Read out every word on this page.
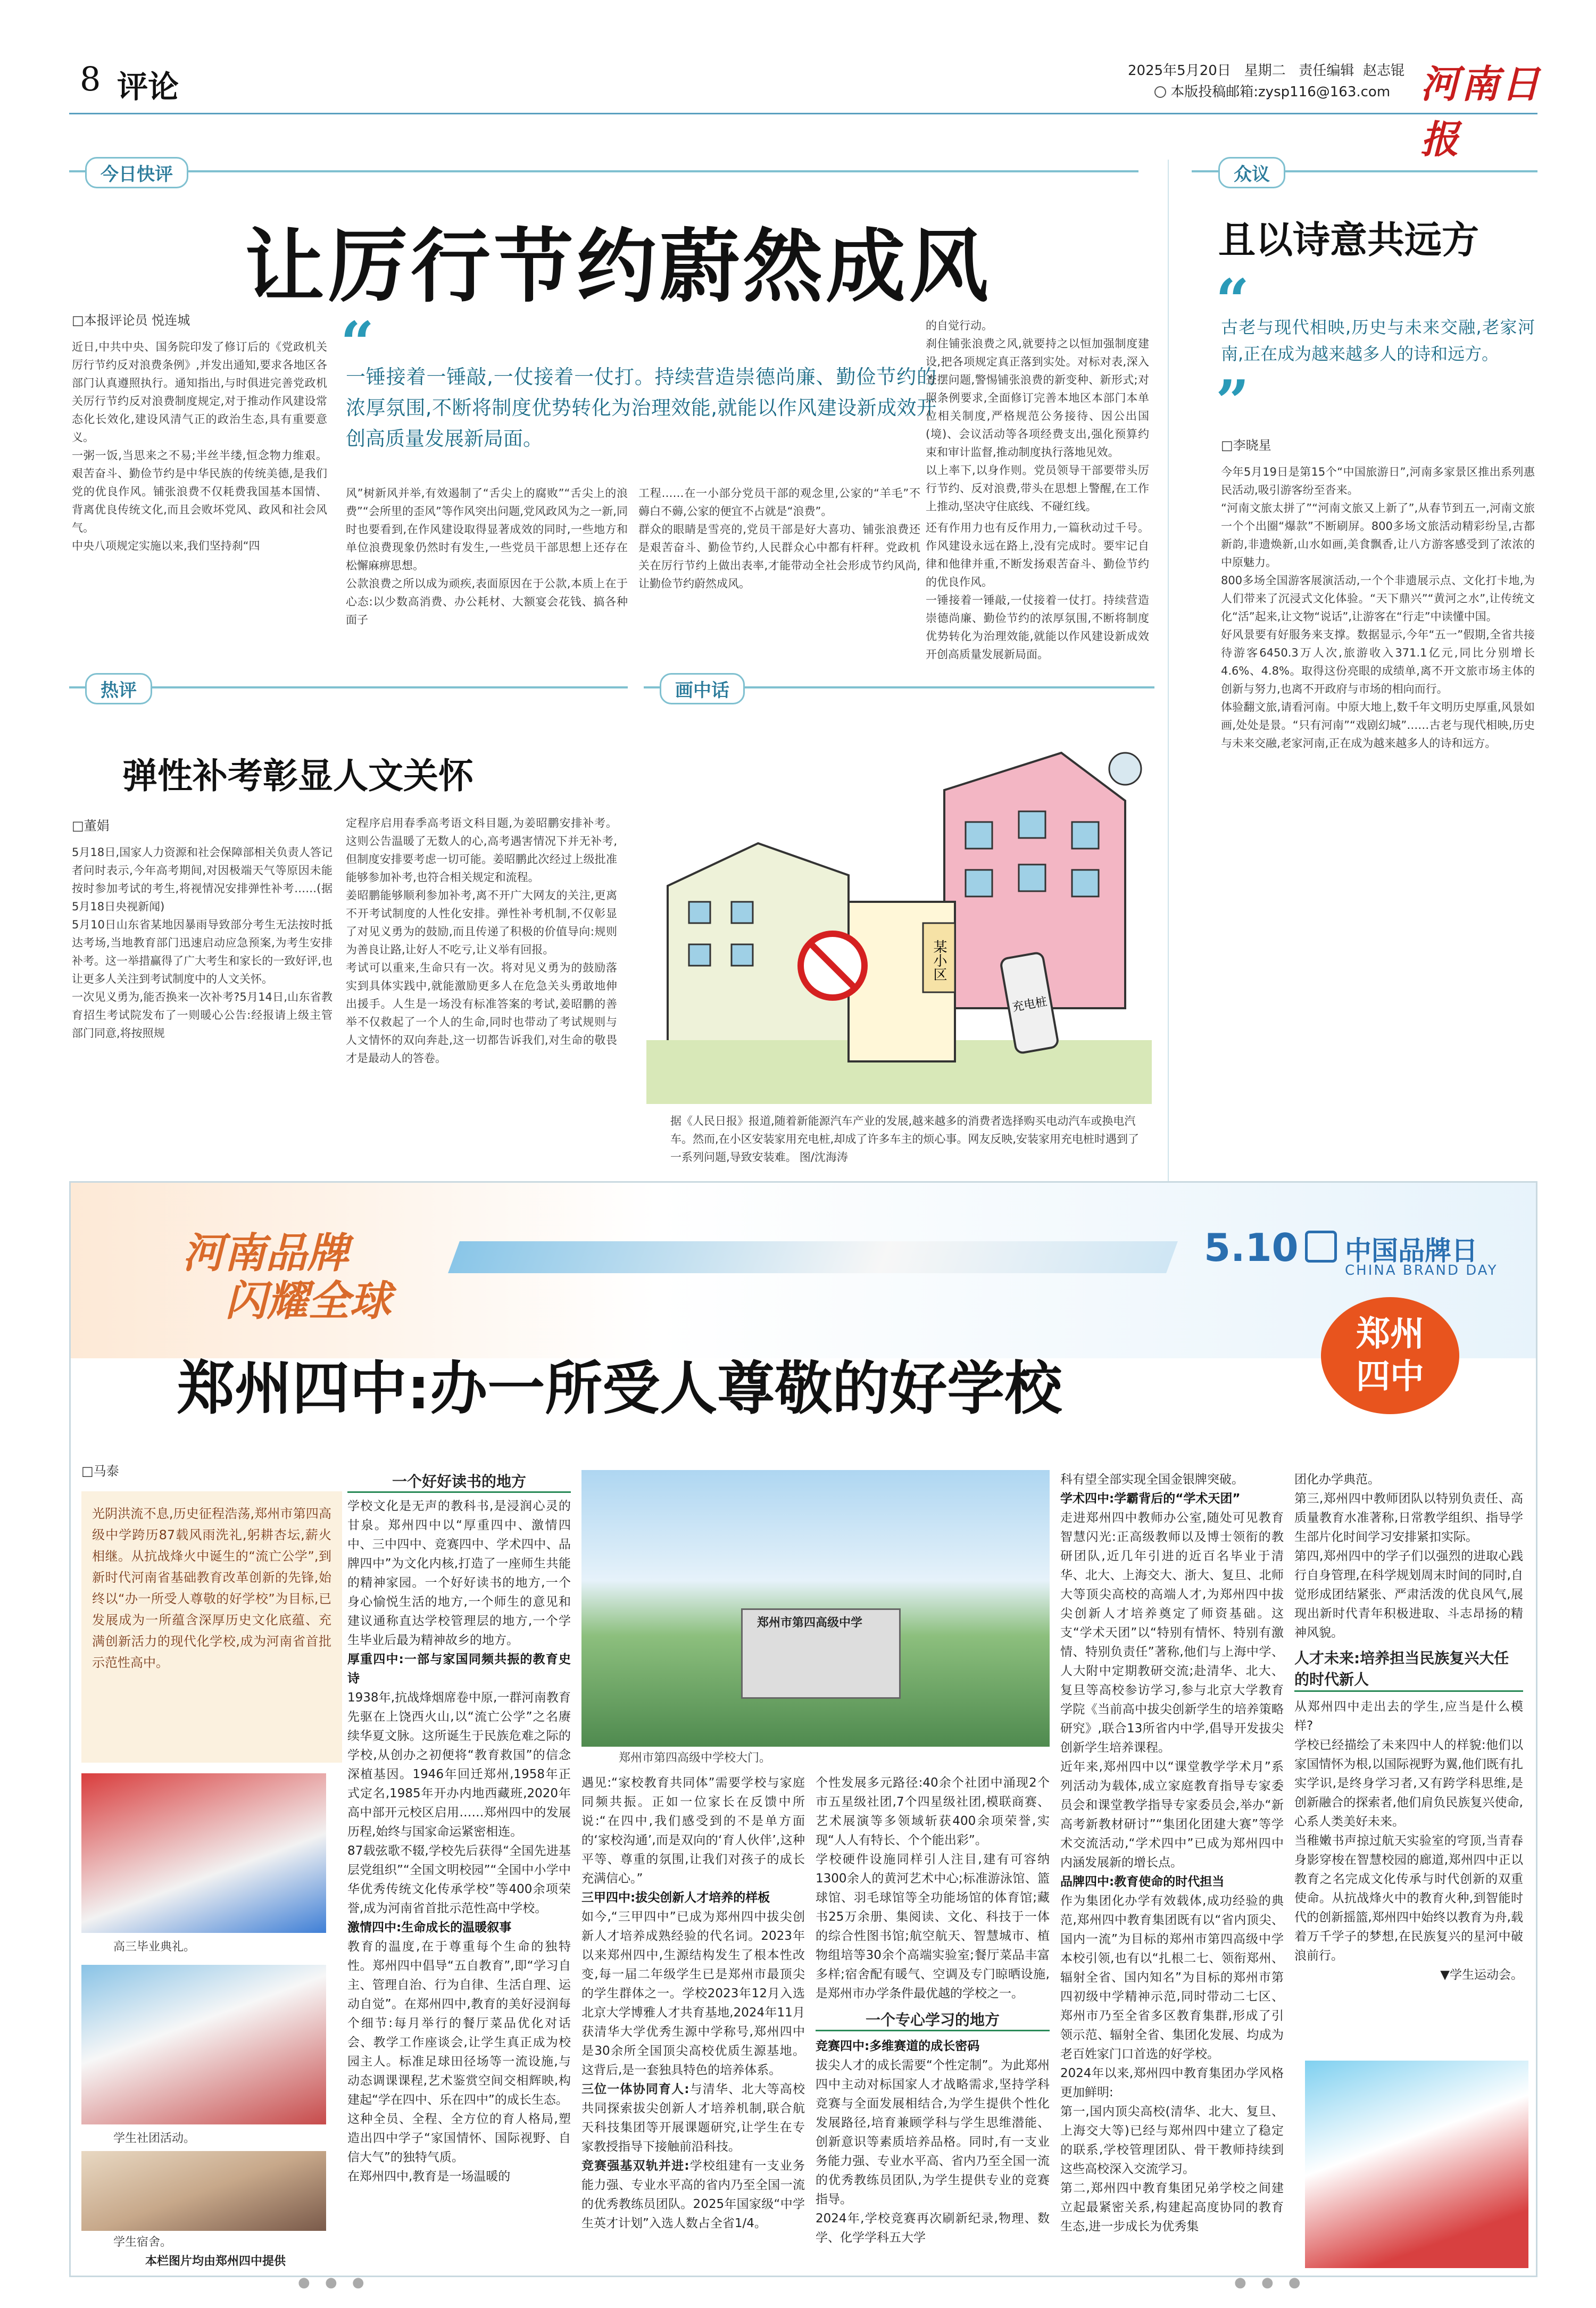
8 评论	2025年5月20日 星期二 责任编辑 赵志锟
本版投稿邮箱:zysp116@163.com 河南日报
今日快评
让厉行节约蔚然成风
□本报评论员 悦连城

近日,中共中央、国务院印发了修订后的《党政机关厉行节约反对浪费条例》,并发出通知,要求各地区各部门认真遵照执行。通知指出,与时俱进完善党政机关厉行节约反对浪费制度规定,对于推动作风建设常态化长效化,建设风清气正的政治生态,具有重要意义。
一粥一饭,当思来之不易;半丝半缕,恒念物力维艰。艰苦奋斗、勤俭节约是中华民族的传统美德,是我们党的优良作风。铺张浪费不仅耗费我国基本国情、背离优良传统文化,而且会败坏党风、政风和社会风气。
中央八项规定实施以来,我们坚持刹“四

“
一锤接着一锤敲,一仗接着一仗打。持续营造崇德尚廉、勤俭节约的浓厚氛围,不断将制度优势转化为治理效能,就能以作风建设新成效开创高质量发展新局面。

风”树新风并举,有效遏制了“舌尖上的腐败”“舌尖上的浪费”“会所里的歪风”等作风突出问题,党风政风为之一新,同时也要看到,在作风建设取得显著成效的同时,一些地方和单位浪费现象仍然时有发生,一些党员干部思想上还存在松懈麻痹思想。
公款浪费之所以成为顽疾,表面原因在于公款,本质上在于心态:以少数高消费、办公耗材、大额宴会花钱、搞各种面子

工程……在一小部分党员干部的观念里,公家的“羊毛”不薅白不薅,公家的便宜不占就是“浪费”。
群众的眼睛是雪亮的,党员干部是好大喜功、铺张浪费还是艰苦奋斗、勤俭节约,人民群众心中都有杆秤。党政机关在厉行节约上做出表率,才能带动全社会形成节约风尚,让勤俭节约蔚然成风。

的自觉行动。
刹住铺张浪费之风,就要持之以恒加强制度建设,把各项规定真正落到实处。对标对表,深入查摆问题,警惕铺张浪费的新变种、新形式;对照条例要求,全面修订完善本地区本部门本单位相关制度,严格规范公务接待、因公出国(境)、会议活动等各项经费支出,强化预算约束和审计监督,推动制度执行落地见效。
以上率下,以身作则。党员领导干部要带头厉行节约、反对浪费,带头在思想上警醒,在工作上推动,坚决守住底线、不碰红线。

还有作用力也有反作用力,一篇秋动过千号。作风建设永远在路上,没有完成时。要牢记自律和他律并重,不断发扬艰苦奋斗、勤俭节约的优良作风。
一锤接着一锤敲,一仗接着一仗打。持续营造崇德尚廉、勤俭节约的浓厚氛围,不断将制度优势转化为治理效能,就能以作风建设新成效开创高质量发展新局面。

众议
且以诗意共远方
“
古老与现代相映,历史与未来交融,老家河南,正在成为越来越多人的诗和远方。
”
□李晓星

今年5月19日是第15个“中国旅游日”,河南多家景区推出系列惠民活动,吸引游客纷至沓来。
“河南文旅太拼了”“河南文旅又上新了”,从春节到五一,河南文旅一个个出圈“爆款”不断刷屏。800多场文旅活动精彩纷呈,古都新韵,非遗焕新,山水如画,美食飘香,让八方游客感受到了浓浓的中原魅力。
800多场全国游客展演活动,一个个非遗展示点、文化打卡地,为人们带来了沉浸式文化体验。“天下鼎兴”“黄河之水”,让传统文化“活”起来,让文物“说话”,让游客在“行走”中读懂中国。
好风景要有好服务来支撑。数据显示,今年“五一”假期,全省共接待游客6450.3万人次,旅游收入371.1亿元,同比分别增长4.6%、4.8%。取得这份亮眼的成绩单,离不开文旅市场主体的创新与努力,也离不开政府与市场的相向而行。
体验翻文旅,请看河南。中原大地上,数千年文明历史厚重,风景如画,处处是景。“只有河南”“戏剧幻城”……古老与现代相映,历史与未来交融,老家河南,正在成为越来越多人的诗和远方。

热评
弹性补考彰显人文关怀
□董娟

5月18日,国家人力资源和社会保障部相关负责人答记者问时表示,今年高考期间,对因极端天气等原因未能按时参加考试的考生,将视情况安排弹性补考……(据5月18日央视新闻)
5月10日山东省某地因暴雨导致部分考生无法按时抵达考场,当地教育部门迅速启动应急预案,为考生安排补考。这一举措赢得了广大考生和家长的一致好评,也让更多人关注到考试制度中的人文关怀。
一次见义勇为,能否换来一次补考?5月14日,山东省教育招生考试院发布了一则暖心公告:经报请上级主管部门同意,将按照规

定程序启用春季高考语文科目题,为姜昭鹏安排补考。这则公告温暖了无数人的心,高考遇害情况下并无补考,但制度安排要考虑一切可能。姜昭鹏此次经过上级批准能够参加补考,也符合相关规定和流程。
姜昭鹏能够顺利参加补考,离不开广大网友的关注,更离不开考试制度的人性化安排。弹性补考机制,不仅彰显了对见义勇为的鼓励,而且传递了积极的价值导向:规则为善良让路,让好人不吃亏,让义举有回报。
考试可以重来,生命只有一次。将对见义勇为的鼓励落实到具体实践中,就能激励更多人在危急关头勇敢地伸出援手。人生是一场没有标准答案的考试,姜昭鹏的善举不仅救起了一个人的生命,同时也带动了考试规则与人文情怀的双向奔赴,这一切都告诉我们,对生命的敬畏才是最动人的答卷。

画中话
某小区
充电桩
据《人民日报》报道,随着新能源汽车产业的发展,越来越多的消费者选择购买电动汽车或换电汽车。然而,在小区安装家用充电桩,却成了许多车主的烦心事。网友反映,安装家用充电桩时遇到了一系列问题,导致安装难。 图/沈海涛
河南品牌
闪耀全球
5.10 中国品牌日
CHINA BRAND DAY
郑州
四中
郑州四中:办一所受人尊敬的好学校
□马泰

光阴洪流不息,历史征程浩荡,郑州市第四高级中学跨历87载风雨洗礼,躬耕杏坛,薪火相继。从抗战烽火中诞生的“流亡公学”,到新时代河南省基础教育改革创新的先锋,始终以“办一所受人尊敬的好学校”为目标,已发展成为一所蕴含深厚历史文化底蕴、充满创新活力的现代化学校,成为河南省首批示范性高中。

高三毕业典礼。
学生社团活动。
学生宿舍。
本栏图片均由郑州四中提供
一个好好读书的地方

学校文化是无声的教科书,是浸润心灵的甘泉。郑州四中以“厚重四中、激情四中、三中四中、竞赛四中、学术四中、品牌四中”为文化内核,打造了一座师生共能的精神家园。一个好好读书的地方,一个身心愉悦生活的地方,一个师生的意见和建议通称直达学校管理层的地方,一个学生毕业后最为精神故乡的地方。

厚重四中:一部与家国同频共振的教育史诗

1938年,抗战烽烟席卷中原,一群河南教育先驱在上饶西火山,以“流亡公学”之名赓续华夏文脉。这所诞生于民族危难之际的学校,从创办之初便将“教育救国”的信念深植基因。1946年回迁郑州,1958年正式定名,1985年开办内地西藏班,2020年高中部开元校区启用……郑州四中的发展历程,始终与国家命运紧密相连。

87载弦歌不辍,学校先后获得“全国先进基层党组织”“全国文明校园”“全国中小学中华优秀传统文化传承学校”等400余项荣誉,成为河南省首批示范性高中学校。

激情四中:生命成长的温暖叙事

教育的温度,在于尊重每个生命的独特性。郑州四中倡导“五自教育”,即“学习自主、管理自治、行为自律、生活自理、运动自觉”。在郑州四中,教育的美好浸润每个细节:每月举行的餐厅菜品优化对话会、教学工作座谈会,让学生真正成为校园主人。标准足球田径场等一流设施,与动态调课课程,艺术鉴赏空间交相辉映,构建起“学在四中、乐在四中”的成长生态。
这种全员、全程、全方位的育人格局,塑造出四中学子“家国情怀、国际视野、自信大气”的独特气质。
在郑州四中,教育是一场温暖的

郑州市第四高级中学
郑州市第四高级中学校大门。

遇见:“家校教育共同体”需要学校与家庭同频共振。正如一位家长在反馈中所说:“在四中,我们感受到的不是单方面的‘家校沟通’,而是双向的‘育人伙伴’,这种平等、尊重的氛围,让我们对孩子的成长充满信心。”

三甲四中:拔尖创新人才培养的样板

如今,“三甲四中”已成为郑州四中拔尖创新人才培养成熟经验的代名词。2023年以来郑州四中,生源结构发生了根本性改变,每一届二年级学生已是郑州市最顶尖的学生群体之一。学校2023年12月入选北京大学博雅人才共育基地,2024年11月获清华大学优秀生源中学称号,郑州四中是30余所全国顶尖高校优质生源基地。这背后,是一套独具特色的培养体系。

三位一体协同育人:与清华、北大等高校共同探索拔尖创新人才培养机制,联合航天科技集团等开展课题研究,让学生在专家教授指导下接触前沿科技。

竞赛强基双轨并进:学校组建有一支业务能力强、专业水平高的省内乃至全国一流的优秀教练员团队。2025年国家级“中学生英才计划”入选人数占全省1/4。

个性发展多元路径:40余个社团中涌现2个市五星级社团,7个四星级社团,模联商赛、艺术展演等多领域斩获400余项荣誉,实现“人人有特长、个个能出彩”。
学校硬件设施同样引人注目,建有可容纳1300余人的黄河艺术中心;标准游泳馆、篮球馆、羽毛球馆等全功能场馆的体育馆;藏书25万余册、集阅读、文化、科技于一体的综合性图书馆;航空航天、智慧城市、植物组培等30余个高端实验室;餐厅菜品丰富多样;宿舍配有暖气、空调及专门晾晒设施,是郑州市办学条件最优越的学校之一。

一个专心学习的地方

竞赛四中:多维赛道的成长密码

拔尖人才的成长需要“个性定制”。为此郑州四中主动对标国家人才战略需求,坚持学科竞赛与全面发展相结合,为学生提供个性化发展路径,培育兼顾学科与学生思维潜能、创新意识等素质培养品格。同时,有一支业务能力强、专业水平高、省内乃至全国一流的优秀教练员团队,为学生提供专业的竞赛指导。
2024年,学校竞赛再次刷新纪录,物理、数学、化学学科五大学

科有望全部实现全国金银牌突破。

学术四中:学霸背后的“学术天团”

走进郑州四中教师办公室,随处可见教育智慧闪光:正高级教师以及博士领衔的教研团队,近几年引进的近百名毕业于清华、北大、上海交大、浙大、复旦、北师大等顶尖高校的高端人才,为郑州四中拔尖创新人才培养奠定了师资基础。这支“学术天团”以“特别有情怀、特别有激情、特别负责任”著称,他们与上海中学、人大附中定期教研交流;赴清华、北大、复旦等高校参访学习,参与北京大学教育学院《当前高中拔尖创新学生的培养策略研究》,联合13所省内中学,倡导开发拔尖创新学生培养课程。
近年来,郑州四中以“课堂教学学术月”系列活动为载体,成立家庭教育指导专家委员会和课堂教学指导专家委员会,举办“新高考新教材研讨”“集团化团建大赛”等学术交流活动,“学术四中”已成为郑州四中内涵发展新的增长点。

品牌四中:教育使命的时代担当

作为集团化办学有效载体,成功经验的典范,郑州四中教育集团既有以“省内顶尖、国内一流”为目标的郑州市第四高级中学本校引领,也有以“扎根二七、领衔郑州、辐射全省、国内知名”为目标的郑州市第四初级中学精神示范,同时带动二七区、郑州市乃至全省多区教育集群,形成了引领示范、辐射全省、集团化发展、均成为老百姓家门口首选的好学校。
2024年以来,郑州四中教育集团办学风格更加鲜明:
第一,国内顶尖高校(清华、北大、复旦、上海交大等)已经与郑州四中建立了稳定的联系,学校管理团队、骨干教师持续到这些高校深入交流学习。
第二,郑州四中教育集团兄弟学校之间建立起最紧密关系,构建起高度协同的教育生态,进一步成长为优秀集

团化办学典范。
第三,郑州四中教师团队以特别负责任、高质量教育水准著称,日常教学组织、指导学生部片化时间学习安排紧扣实际。
第四,郑州四中的学子们以强烈的进取心践行自身管理,在科学规划周末时间的同时,自觉形成团结紧张、严肃活泼的优良风气,展现出新时代青年积极进取、斗志昂扬的精神风貌。

人才未来:培养担当民族复兴大任的时代新人

从郑州四中走出去的学生,应当是什么模样?
学校已经描绘了未来四中人的样貌:他们以家国情怀为根,以国际视野为翼,他们既有扎实学识,是终身学习者,又有跨学科思维,是创新融合的探索者,他们肩负民族复兴使命,心系人类美好未来。
当稚嫩书声掠过航天实验室的穹顶,当青春身影穿梭在智慧校园的廊道,郑州四中正以教育之名完成文化传承与时代创新的双重使命。从抗战烽火中的教育火种,到智能时代的创新摇篮,郑州四中始终以教育为舟,载着万千学子的梦想,在民族复兴的星河中破浪前行。

▼学生运动会。

● ● ●	● ● ●
